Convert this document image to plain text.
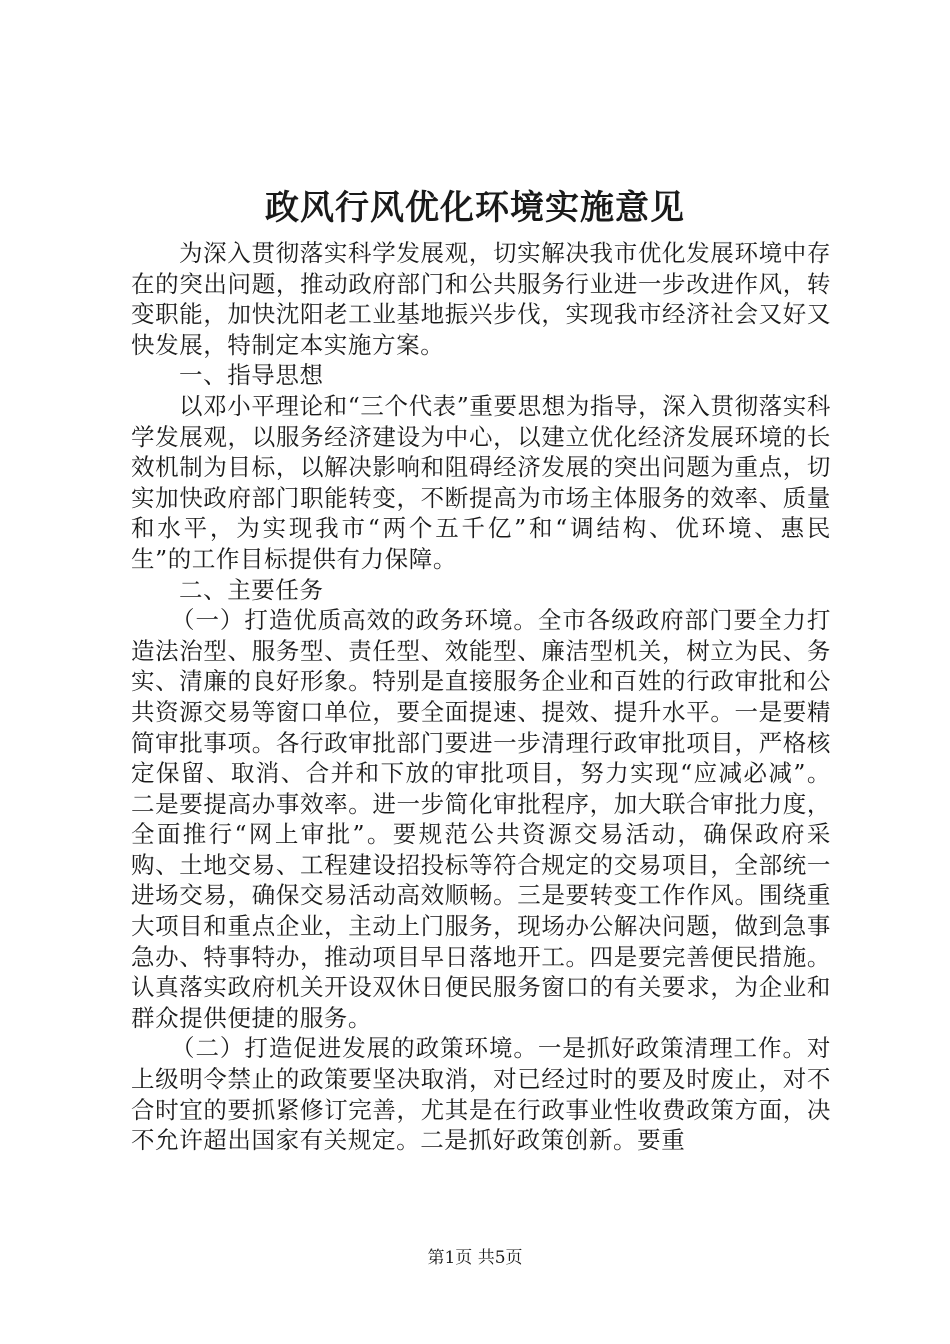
政风行风优化环境实施意见

为深入贯彻落实科学发展观，切实解决我市优化发展环境中存在的突出问题，推动政府部门和公共服务行业进一步改进作风，转变职能，加快沈阳老工业基地振兴步伐，实现我市经济社会又好又快发展，特制定本实施方案。

一、指导思想

以邓小平理论和“三个代表”重要思想为指导，深入贯彻落实科学发展观，以服务经济建设为中心，以建立优化经济发展环境的长效机制为目标，以解决影响和阻碍经济发展的突出问题为重点，切实加快政府部门职能转变，不断提高为市场主体服务的效率、质量和水平，为实现我市“两个五千亿”和“调结构、优环境、惠民生”的工作目标提供有力保障。

二、主要任务

（一）打造优质高效的政务环境。全市各级政府部门要全力打造法治型、服务型、责任型、效能型、廉洁型机关，树立为民、务实、清廉的良好形象。特别是直接服务企业和百姓的行政审批和公共资源交易等窗口单位，要全面提速、提效、提升水平。一是要精简审批事项。各行政审批部门要进一步清理行政审批项目，严格核定保留、取消、合并和下放的审批项目，努力实现“应减必减”。二是要提高办事效率。进一步简化审批程序，加大联合审批力度，全面推行“网上审批”。要规范公共资源交易活动，确保政府采购、土地交易、工程建设招投标等符合规定的交易项目，全部统一进场交易，确保交易活动高效顺畅。三是要转变工作作风。围绕重大项目和重点企业，主动上门服务，现场办公解决问题，做到急事急办、特事特办，推动项目早日落地开工。四是要完善便民措施。认真落实政府机关开设双休日便民服务窗口的有关要求，为企业和群众提供便捷的服务。

（二）打造促进发展的政策环境。一是抓好政策清理工作。对上级明令禁止的政策要坚决取消，对已经过时的要及时废止，对不合时宜的要抓紧修订完善，尤其是在行政事业性收费政策方面，决不允许超出国家有关规定。二是抓好政策创新。要重

第1页 共5页
